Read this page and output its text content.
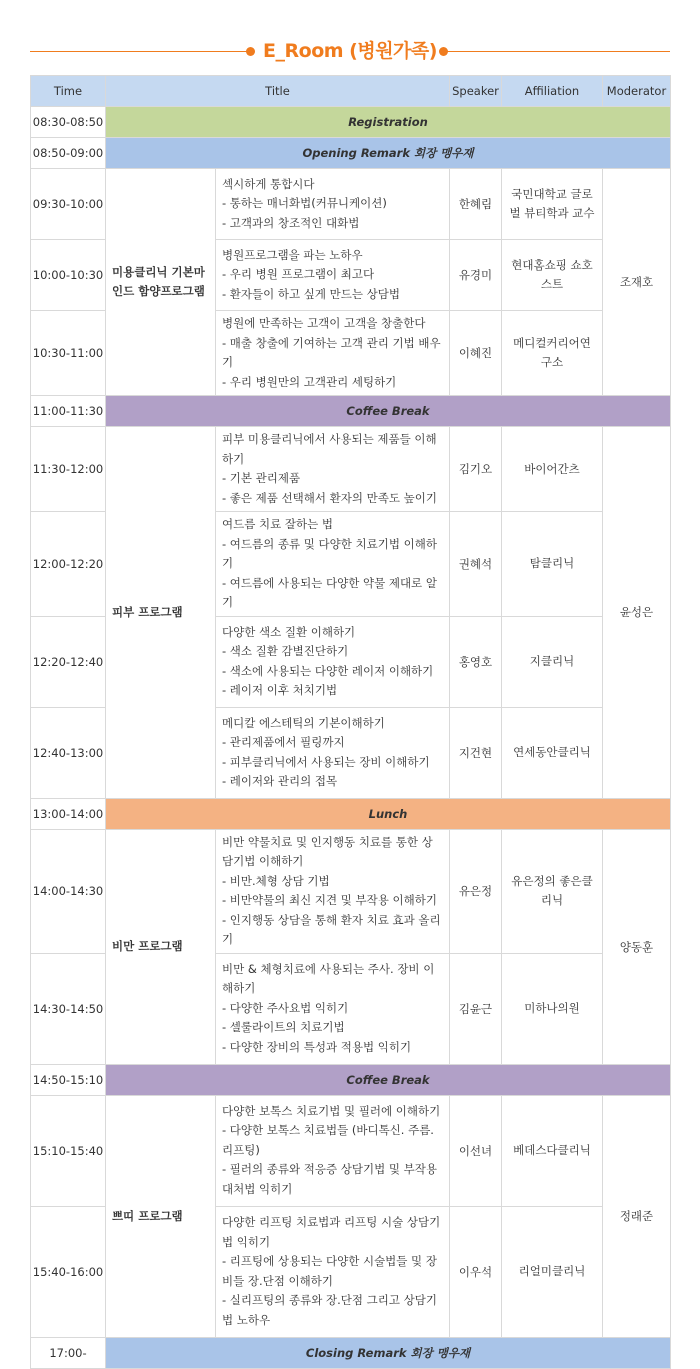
E_Room (병원가족)
Time	Title		Speaker	Affiliation	Moderator
08:30-08:50	Registration				
08:50-09:00	Opening Remark 회장 맹우재				
09:30-10:00	미용클리닉 기본마인드 함양프로그램	섹시하게 통합시다
- 통하는 매너화법(커뮤니케이션)
- 고객과의 창조적인 대화법	한혜림	국민대학교 글로벌 뷰티학과 교수	조재호
10:00-10:30		병원프로그램을 파는 노하우
- 우리 병원 프로그램이 최고다
- 환자들이 하고 싶게 만드는 상담법	유경미	현대홈쇼핑 쇼호스트	
10:30-11:00		병원에 만족하는 고객이 고객을 창출한다
- 매출 창출에 기여하는 고객 관리 기법 배우기
- 우리 병원만의 고객관리 세팅하기	이혜진	메디컬커리어연구소	
11:00-11:30	Coffee Break				
11:30-12:00	피부 프로그램	피부 미용클리닉에서 사용되는 제품들 이해하기
- 기본 관리제품
- 좋은 제품 선택해서 환자의 만족도 높이기	김기오	바이어간츠	윤성은
12:00-12:20		여드름 치료 잘하는 법
- 여드름의 종류 및 다양한 치료기법 이해하기
- 여드름에 사용되는 다양한 약물 제대로 알기	권혜석	탐클리닉	
12:20-12:40		다양한 색소 질환 이해하기
- 색소 질환 감별진단하기
- 색소에 사용되는 다양한 레이저 이해하기
- 레이저 이후 처치기법	홍영호	지클리닉	
12:40-13:00		메디칼 에스테틱의 기본이해하기
- 관리제품에서 필링까지
- 피부클리닉에서 사용되는 장비 이해하기
- 레이저와 관리의 접목	지건현	연세동안클리닉	
13:00-14:00	Lunch				
14:00-14:30	비만 프로그램	비만 약물치료 및 인지행동 치료를 통한 상담기법 이해하기
- 비만.체형 상담 기법
- 비만약물의 최신 지견 및 부작용 이해하기
- 인지행동 상담을 통해 환자 치료 효과 올리기	유은정	유은정의 좋은클리닉	양동훈
14:30-14:50		비만 & 체형치료에 사용되는 주사. 장비 이해하기
- 다양한 주사요법 익히기
- 셀룰라이트의 치료기법
- 다양한 장비의 특성과 적용법 익히기	김윤근	미하나의원	
14:50-15:10	Coffee Break				
15:10-15:40	쁘띠 프로그램	다양한 보톡스 치료기법 및 필러에 이해하기
- 다양한 보톡스 치료법들 (바디톡신. 주름. 리프팅)
- 필러의 종류와 적응증 상담기법 및 부작용 대처법 익히기	이선녀	베데스다클리닉	정래준
15:40-16:00		다양한 리프팅 치료법과 리프팅 시술 상담기법 익히기
- 리프팅에 상용되는 다양한 시술법들 및 장비들 장.단점 이해하기
- 실리프팅의 종류와 장.단점 그리고 상담기법 노하우	이우석	리얼미클리닉	
17:00-	Closing Remark 회장 맹우재				
